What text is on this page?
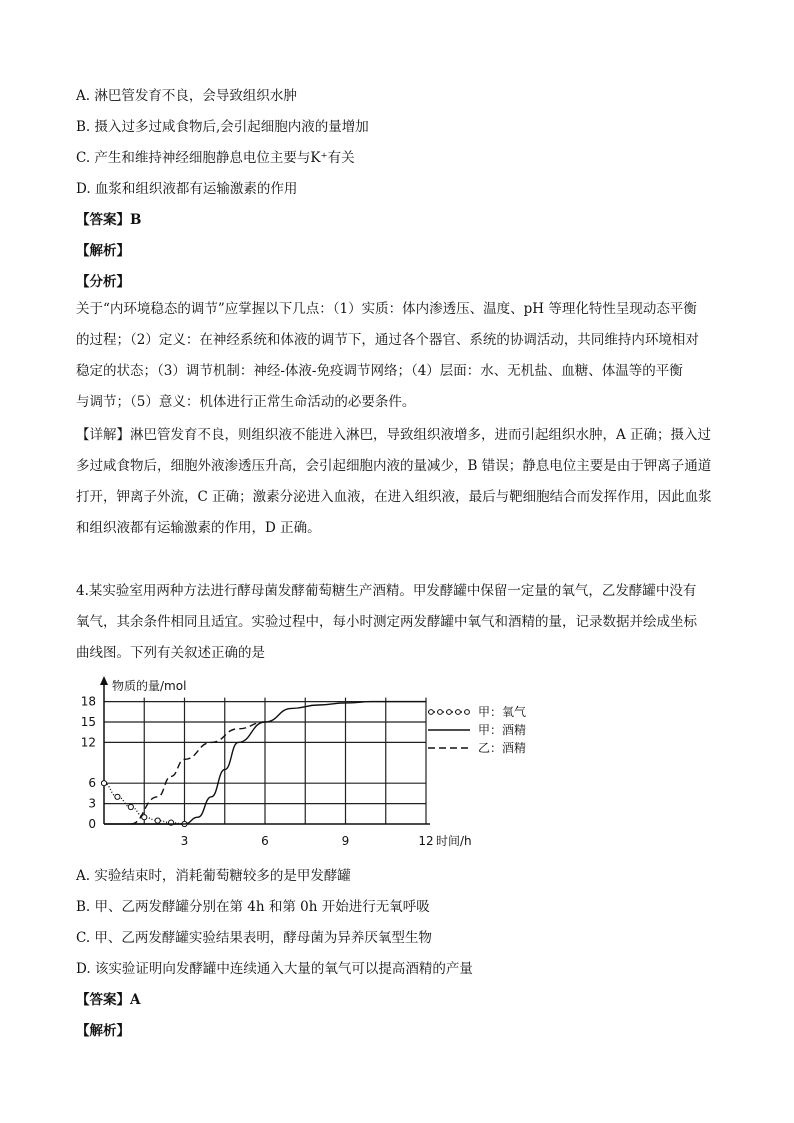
A. 淋巴管发育不良，会导致组织水肿
B. 摄入过多过咸食物后,会引起细胞内液的量增加
C. 产生和维持神经细胞静息电位主要与K⁺有关
D. 血浆和组织液都有运输激素的作用
【答案】B
【解析】
【分析】
关于“内环境稳态的调节”应掌握以下几点：（1）实质：体内渗透压、温度、pH 等理化特性呈现动态平衡
的过程；（2）定义：在神经系统和体液的调节下，通过各个器官、系统的协调活动，共同维持内环境相对
稳定的状态；（3）调节机制：神经-体液-免疫调节网络；（4）层面：水、无机盐、血糖、体温等的平衡
与调节；（5）意义：机体进行正常生命活动的必要条件。
【详解】淋巴管发育不良，则组织液不能进入淋巴，导致组织液增多，进而引起组织水肿，A 正确；摄入过
多过咸食物后，细胞外液渗透压升高，会引起细胞内液的量减少，B 错误；静息电位主要是由于钾离子通道
打开，钾离子外流，C 正确；激素分泌进入血液，在进入组织液，最后与靶细胞结合而发挥作用，因此血浆
和组织液都有运输激素的作用，D 正确。
4.某实验室用两种方法进行酵母菌发酵葡萄糖生产酒精。甲发酵罐中保留一定量的氧气，乙发酵罐中没有
氧气，其余条件相同且适宜。实验过程中，每小时测定两发酵罐中氧气和酒精的量，记录数据并绘成坐标
曲线图。下列有关叙述正确的是
0
3
6
12
15
18
3	6	9	12
物质的量/mol
时间/h
甲：氧气
甲：酒精
乙：酒精
A. 实验结束时，消耗葡萄糖较多的是甲发酵罐
B. 甲、乙两发酵罐分别在第 4h 和第 0h 开始进行无氧呼吸
C. 甲、乙两发酵罐实验结果表明，酵母菌为异养厌氧型生物
D. 该实验证明向发酵罐中连续通入大量的氧气可以提高酒精的产量
【答案】A
【解析】
